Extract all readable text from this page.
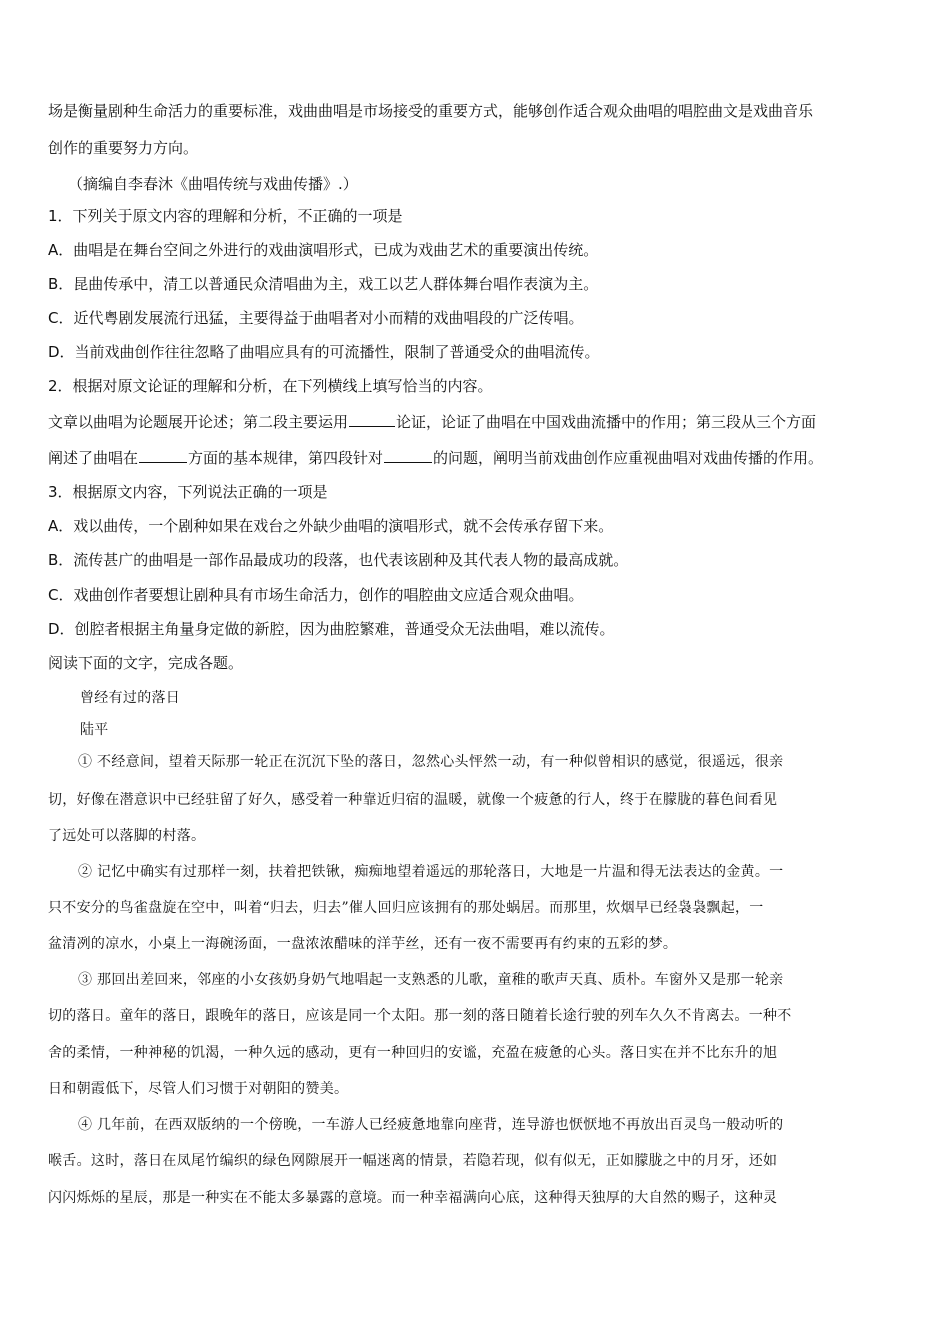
场是衡量剧种生命活力的重要标准，戏曲曲唱是市场接受的重要方式，能够创作适合观众曲唱的唱腔曲文是戏曲音乐
创作的重要努力方向。
（摘编自李春沐《曲唱传统与戏曲传播》.）
1．下列关于原文内容的理解和分析，不正确的一项是
A．曲唱是在舞台空间之外进行的戏曲演唱形式，已成为戏曲艺术的重要演出传统。
B．昆曲传承中，清工以普通民众清唱曲为主，戏工以艺人群体舞台唱作表演为主。
C．近代粤剧发展流行迅猛，主要得益于曲唱者对小而精的戏曲唱段的广泛传唱。
D．当前戏曲创作往往忽略了曲唱应具有的可流播性，限制了普通受众的曲唱流传。
2．根据对原文论证的理解和分析，在下列横线上填写恰当的内容。
文章以曲唱为论题展开论述；第二段主要运用	论证，论证了曲唱在中国戏曲流播中的作用；第三段从三个方面
阐述了曲唱在	方面的基本规律，第四段针对	的问题，阐明当前戏曲创作应重视曲唱对戏曲传播的作用。
3．根据原文内容，下列说法正确的一项是
A．戏以曲传，一个剧种如果在戏台之外缺少曲唱的演唱形式，就不会传承存留下来。
B．流传甚广的曲唱是一部作品最成功的段落，也代表该剧种及其代表人物的最高成就。
C．戏曲创作者要想让剧种具有市场生命活力，创作的唱腔曲文应适合观众曲唱。
D．创腔者根据主角量身定做的新腔，因为曲腔繁难，普通受众无法曲唱，难以流传。
阅读下面的文字，完成各题。
曾经有过的落日
陆平
① 不经意间，望着天际那一轮正在沉沉下坠的落日，忽然心头怦然一动，有一种似曾相识的感觉，很遥远，很亲
切，好像在潜意识中已经驻留了好久，感受着一种靠近归宿的温暖，就像一个疲惫的行人，终于在朦胧的暮色间看见
了远处可以落脚的村落。
② 记忆中确实有过那样一刻，扶着把铁锹，痴痴地望着遥远的那轮落日，大地是一片温和得无法表达的金黄。一
只不安分的鸟雀盘旋在空中，叫着“归去，归去”催人回归应该拥有的那处蜗居。而那里，炊烟早已经袅袅飘起，一
盆清冽的凉水，小桌上一海碗汤面，一盘浓浓醋味的洋芋丝，还有一夜不需要再有约束的五彩的梦。
③ 那回出差回来，邻座的小女孩奶身奶气地唱起一支熟悉的儿歌，童稚的歌声天真、质朴。车窗外又是那一轮亲
切的落日。童年的落日，跟晚年的落日，应该是同一个太阳。那一刻的落日随着长途行驶的列车久久不肯离去。一种不
舍的柔情，一种神秘的饥渴，一种久远的感动，更有一种回归的安谧，充盈在疲惫的心头。落日实在并不比东升的旭
日和朝霞低下，尽管人们习惯于对朝阳的赞美。
④ 几年前，在西双版纳的一个傍晚，一车游人已经疲惫地靠向座背，连导游也恹恹地不再放出百灵鸟一般动听的
喉舌。这时，落日在凤尾竹编织的绿色网隙展开一幅迷离的情景，若隐若现，似有似无，正如朦胧之中的月牙，还如
闪闪烁烁的星辰，那是一种实在不能太多暴露的意境。而一种幸福满向心底，这种得天独厚的大自然的赐子，这种灵
